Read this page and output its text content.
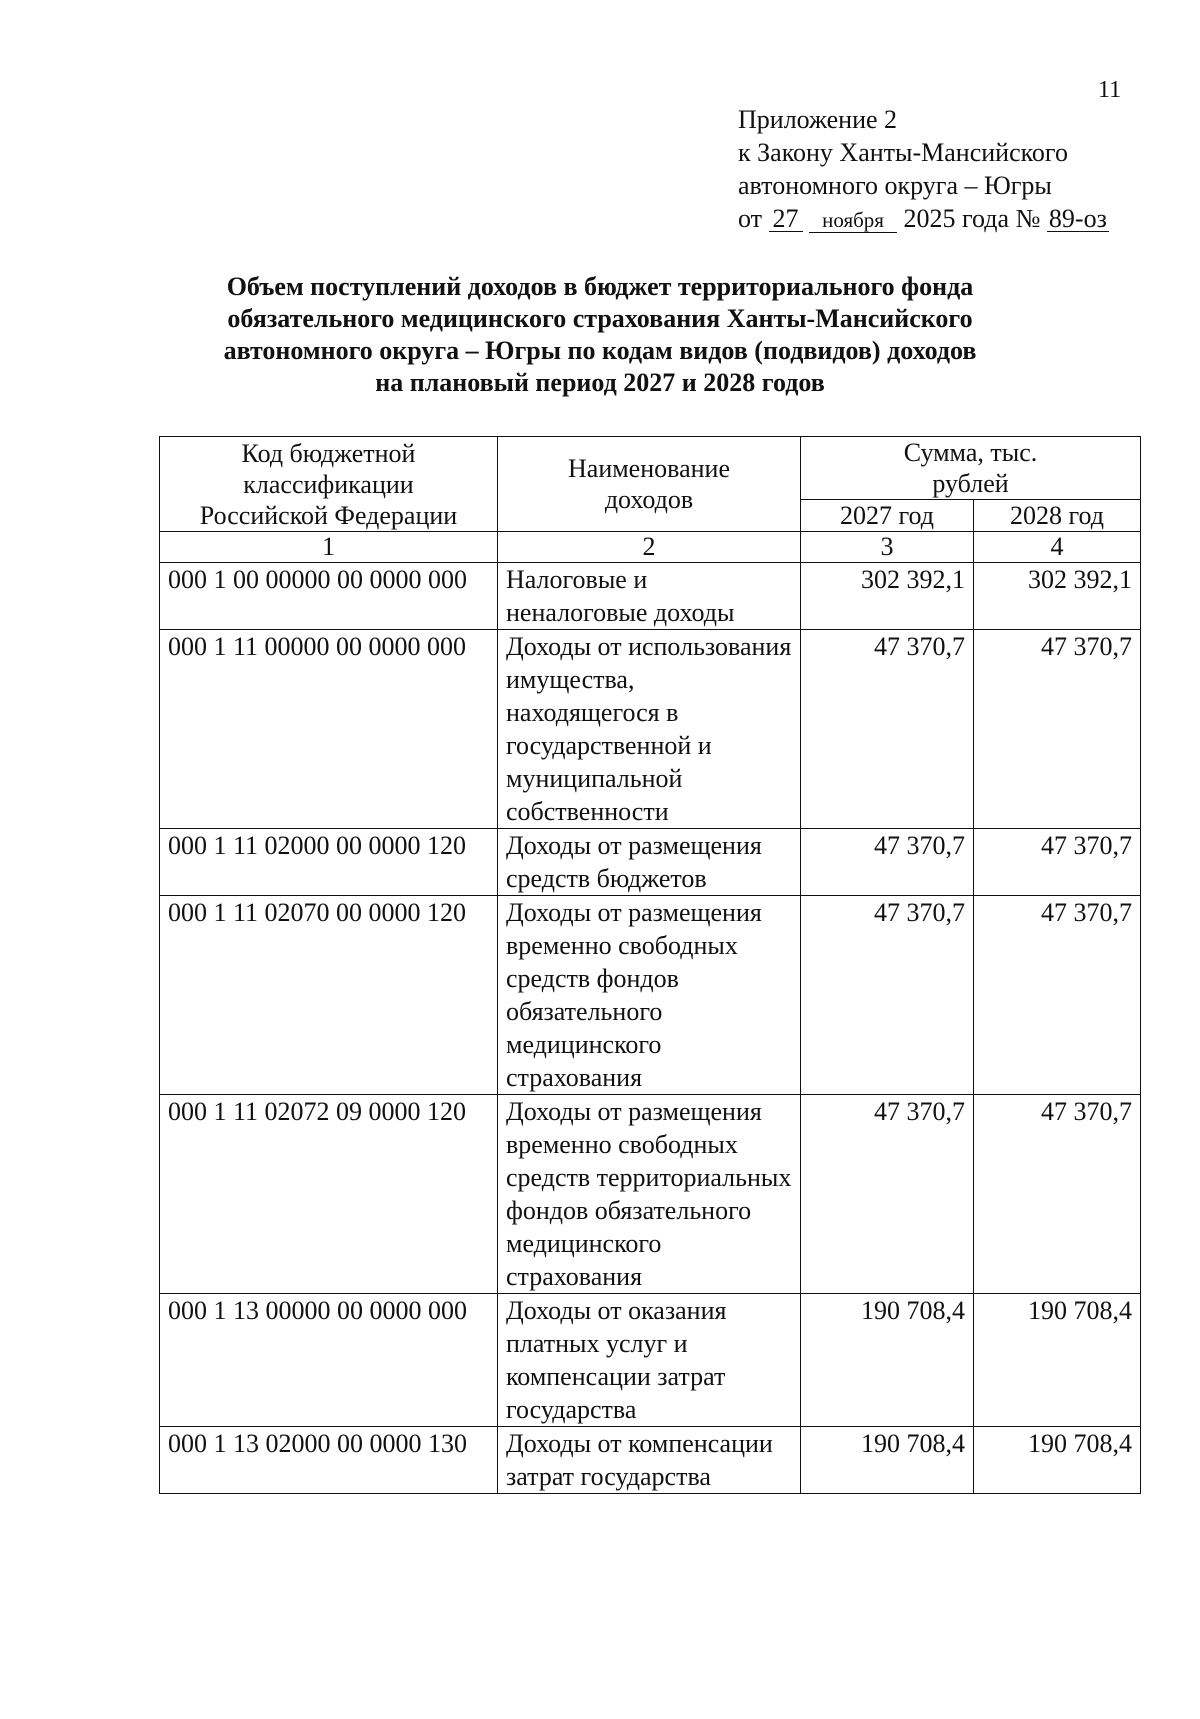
11
Приложение 2
к Закону Ханты-Мансийского
автономного округа – Югры
от 27 ноября 2025 года № 89-оз
Объем поступлений доходов в бюджет территориального фонда
обязательного медицинского страхования Ханты-Мансийского
автономного округа – Югры по кодам видов (подвидов) доходов
на плановый период 2027 и 2028 годов
Код бюджетной классификации Российской Федерации	Наименование доходов	Сумма, тыс. рублей	
		2027 год	2028 год
1	2	3	4
000 1 00 00000 00 0000 000	Налоговые и неналоговые доходы	302 392,1	302 392,1
000 1 11 00000 00 0000 000	Доходы от использования имущества, находящегося в государственной и муниципальной собственности	47 370,7	47 370,7
000 1 11 02000 00 0000 120	Доходы от размещения средств бюджетов	47 370,7	47 370,7
000 1 11 02070 00 0000 120	Доходы от размещения временно свободных средств фондов обязательного медицинского страхования	47 370,7	47 370,7
000 1 11 02072 09 0000 120	Доходы от размещения временно свободных средств территориальных фондов обязательного медицинского страхования	47 370,7	47 370,7
000 1 13 00000 00 0000 000	Доходы от оказания платных услуг и компенсации затрат государства	190 708,4	190 708,4
000 1 13 02000 00 0000 130	Доходы от компенсации затрат государства	190 708,4	190 708,4
